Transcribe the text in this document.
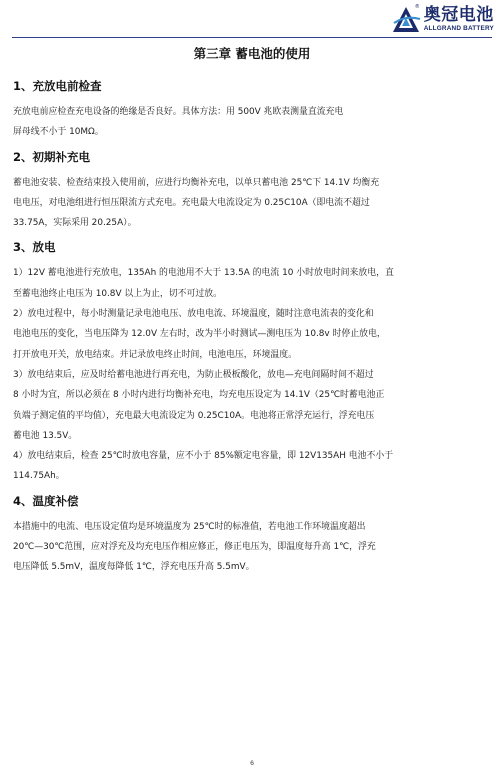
® 奥冠电池
ALLGRAND BATTERY
第三章 蓄电池的使用
1、充放电前检查

充放电前应检查充电设备的绝缘是否良好。具体方法：用 500V 兆欧表测量直流充电
屏母线不小于 10MΩ。

2、初期补充电

蓄电池安装、检查结束投入使用前，应进行均衡补充电，以单只蓄电池 25℃下 14.1V 均衡充
电电压，对电池组进行恒压限流方式充电。充电最大电流设定为 0.25C10A（即电流不超过
33.75A，实际采用 20.25A）。

3、放电

1）12V 蓄电池进行充放电，135Ah 的电池用不大于 13.5A 的电流 10 小时放电时间来放电，直
至蓄电池终止电压为 10.8V 以上为止，切不可过放。

2）放电过程中，每小时测量记录电池电压、放电电流、环境温度，随时注意电流表的变化和
电池电压的变化，当电压降为 12.0V 左右时，改为半小时测试—测电压为 10.8v 时停止放电，
打开放电开关，放电结束。并记录放电终止时间，电池电压，环境温度。

3）放电结束后，应及时给蓄电池进行再充电，为防止极板酸化，放电—充电间隔时间不超过
8 小时为宜，所以必须在 8 小时内进行均衡补充电，均充电压设定为 14.1V（25℃时蓄电池正
负端子测定值的平均值），充电最大电流设定为 0.25C10A。电池将正常浮充运行，浮充电压
蓄电池 13.5V。

4）放电结束后，检查 25℃时放电容量，应不小于 85%额定电容量，即 12V135AH 电池不小于
114.75Ah。

4、温度补偿

本措施中的电流、电压设定值均是环境温度为 25℃时的标准值，若电池工作环境温度超出
20℃—30℃范围，应对浮充及均充电压作相应修正，修正电压为，即温度每升高 1℃，浮充
电压降低 5.5mV，温度每降低 1℃，浮充电压升高 5.5mV。

6
